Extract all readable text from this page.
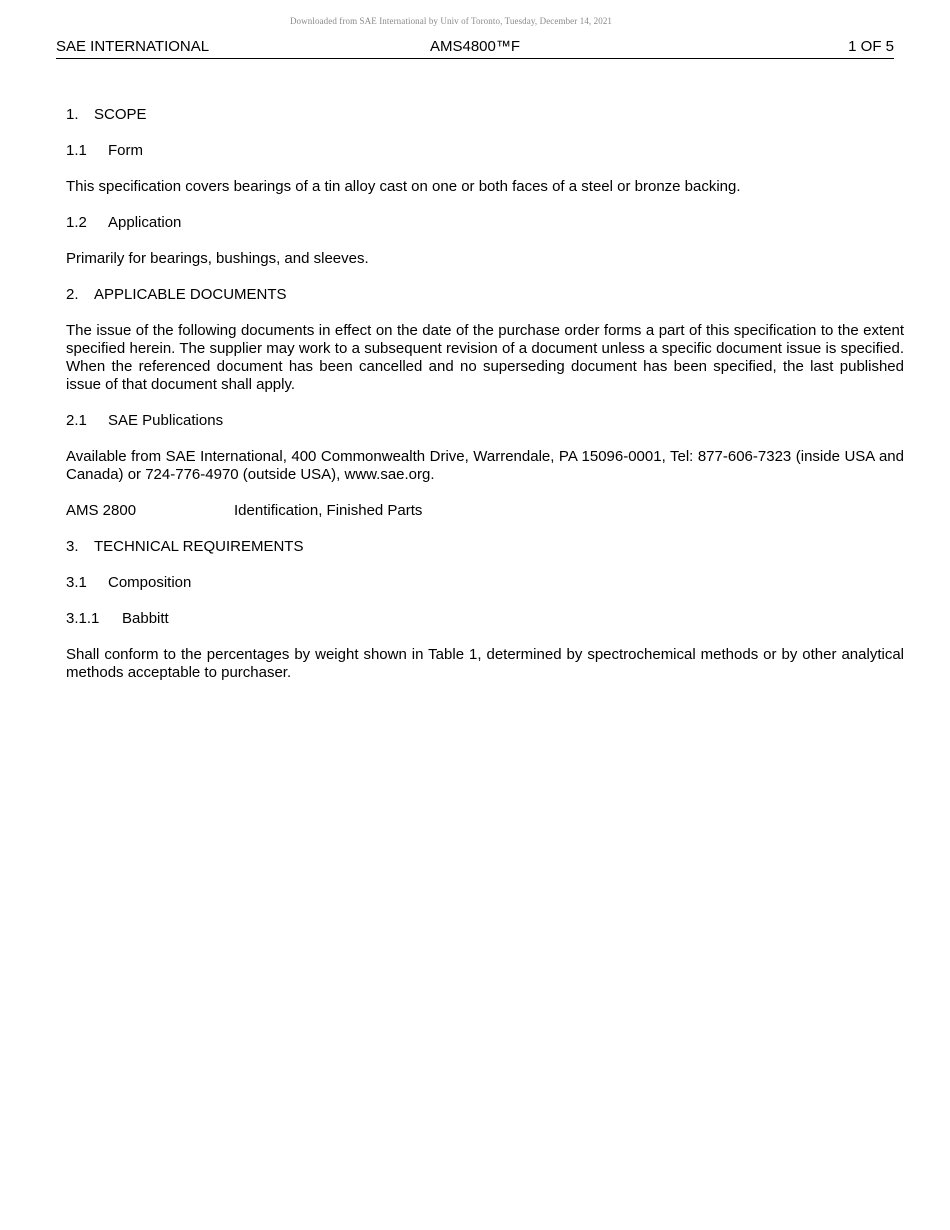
Downloaded from SAE International by Univ of Toronto, Tuesday, December 14, 2021
AMS4800™F
SAE INTERNATIONAL	1 OF 5
1. SCOPE
1.1 Form
This specification covers bearings of a tin alloy cast on one or both faces of a steel or bronze backing.
1.2 Application
Primarily for bearings, bushings, and sleeves.
2. APPLICABLE DOCUMENTS
The issue of the following documents in effect on the date of the purchase order forms a part of this specification to the extent specified herein. The supplier may work to a subsequent revision of a document unless a specific document issue is specified. When the referenced document has been cancelled and no superseding document has been specified, the last published issue of that document shall apply.
2.1 SAE Publications
Available from SAE International, 400 Commonwealth Drive, Warrendale, PA 15096-0001, Tel: 877-606-7323 (inside USA and Canada) or 724-776-4970 (outside USA), www.sae.org.
AMS 2800	Identification, Finished Parts
3. TECHNICAL REQUIREMENTS
3.1 Composition
3.1.1 Babbitt
Shall conform to the percentages by weight shown in Table 1, determined by spectrochemical methods or by other analytical methods acceptable to purchaser.
